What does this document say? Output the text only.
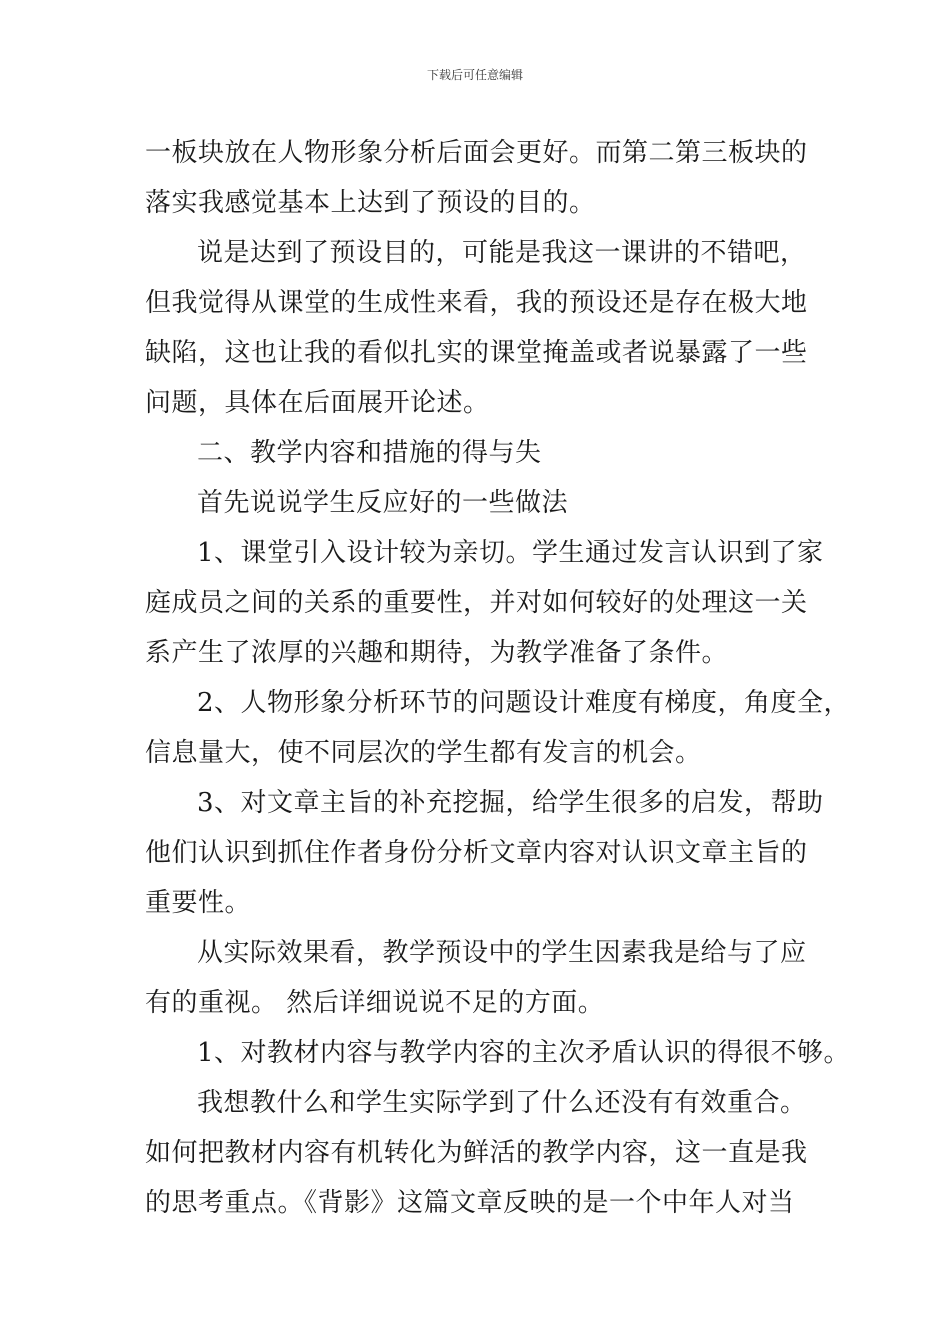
下载后可任意编辑
一板块放在人物形象分析后面会更好。而第二第三板块的
落实我感觉基本上达到了预设的目的。
说是达到了预设目的，可能是我这一课讲的不错吧，
但我觉得从课堂的生成性来看，我的预设还是存在极大地
缺陷，这也让我的看似扎实的课堂掩盖或者说暴露了一些
问题，具体在后面展开论述。
二、教学内容和措施的得与失
首先说说学生反应好的一些做法
1、课堂引入设计较为亲切。学生通过发言认识到了家
庭成员之间的关系的重要性，并对如何较好的处理这一关
系产生了浓厚的兴趣和期待，为教学准备了条件。
2、人物形象分析环节的问题设计难度有梯度，角度全，
信息量大，使不同层次的学生都有发言的机会。
3、对文章主旨的补充挖掘，给学生很多的启发，帮助
他们认识到抓住作者身份分析文章内容对认识文章主旨的
重要性。
从实际效果看，教学预设中的学生因素我是给与了应
有的重视。 然后详细说说不足的方面。
1、对教材内容与教学内容的主次矛盾认识的得很不够。
我想教什么和学生实际学到了什么还没有有效重合。
如何把教材内容有机转化为鲜活的教学内容，这一直是我
的思考重点。《背影》这篇文章反映的是一个中年人对当
